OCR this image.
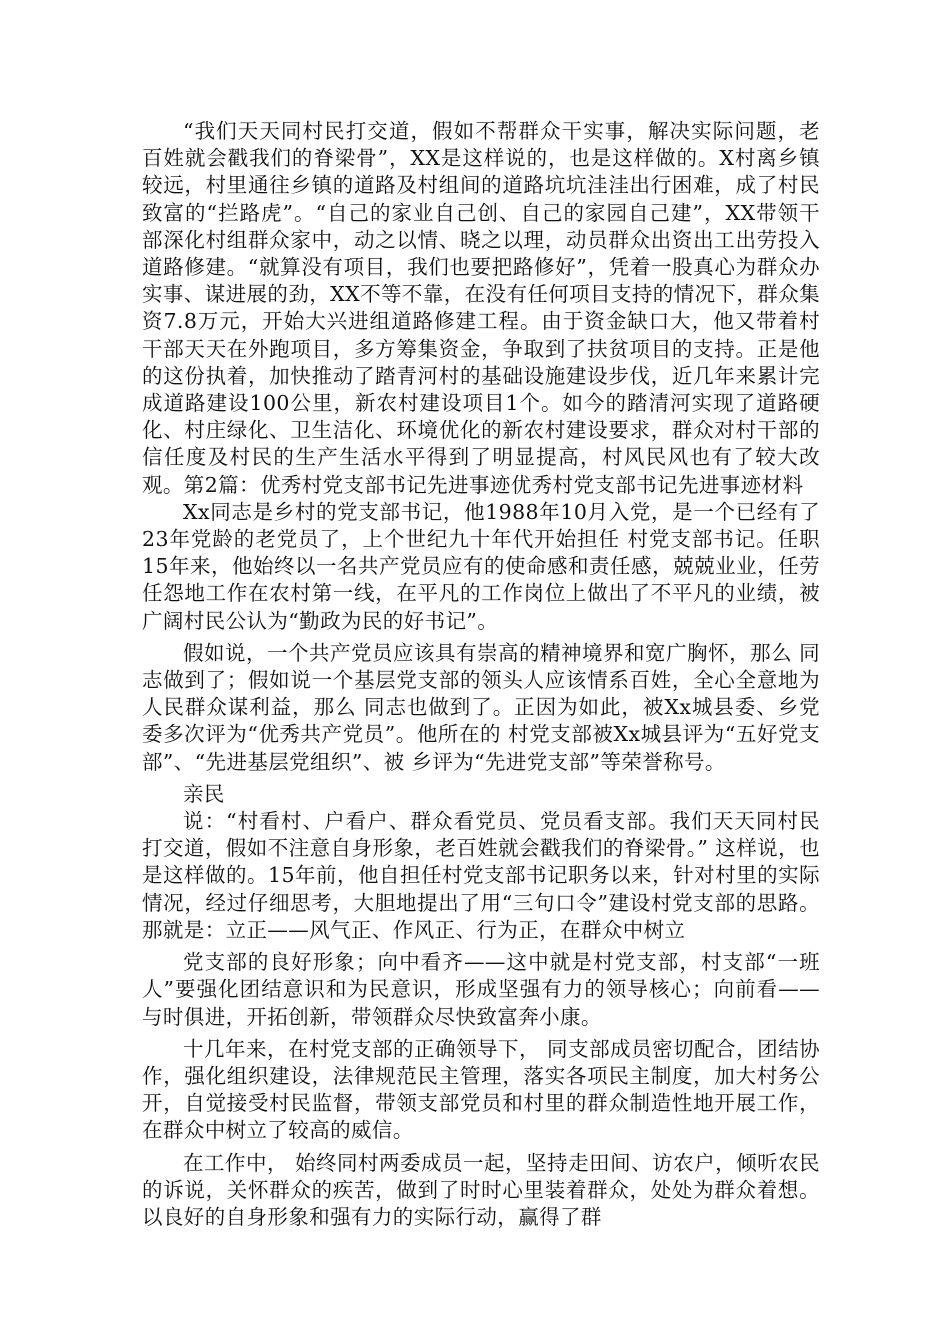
“我们天天同村民打交道，假如不帮群众干实事，解决实际问题，老百姓就会戳我们的脊梁骨”，XX是这样说的，也是这样做的。X村离乡镇较远，村里通往乡镇的道路及村组间的道路坑坑洼洼出行困难，成了村民致富的“拦路虎”。“自己的家业自己创、自己的家园自己建”，XX带领干部深化村组群众家中，动之以情、晓之以理，动员群众出资出工出劳投入道路修建。“就算没有项目，我们也要把路修好”，凭着一股真心为群众办实事、谋进展的劲，XX不等不靠，在没有任何项目支持的情况下，群众集资7.8万元，开始大兴进组道路修建工程。由于资金缺口大，他又带着村干部天天在外跑项目，多方筹集资金，争取到了扶贫项目的支持。正是他的这份执着，加快推动了踏青河村的基础设施建设步伐，近几年来累计完成道路建设100公里，新农村建设项目1个。如今的踏清河实现了道路硬化、村庄绿化、卫生洁化、环境优化的新农村建设要求，群众对村干部的信任度及村民的生产生活水平得到了明显提高，村风民风也有了较大改观。第2篇：优秀村党支部书记先进事迹优秀村党支部书记先进事迹材料

Xx同志是乡村的党支部书记，他1988年10月入党，是一个已经有了23年党龄的老党员了，上个世纪九十年代开始担任 村党支部书记。任职15年来，他始终以一名共产党员应有的使命感和责任感，兢兢业业，任劳任怨地工作在农村第一线，在平凡的工作岗位上做出了不平凡的业绩，被广阔村民公认为“勤政为民的好书记”。

假如说，一个共产党员应该具有崇高的精神境界和宽广胸怀，那么 同志做到了；假如说一个基层党支部的领头人应该情系百姓，全心全意地为人民群众谋利益，那么 同志也做到了。正因为如此，被Xx城县委、乡党委多次评为“优秀共产党员”。他所在的 村党支部被Xx城县评为“五好党支部”、“先进基层党组织”、被 乡评为“先进党支部”等荣誉称号。

亲民

说：“村看村、户看户、群众看党员、党员看支部。我们天天同村民打交道，假如不注意自身形象，老百姓就会戳我们的脊梁骨。” 这样说，也是这样做的。15年前，他自担任村党支部书记职务以来，针对村里的实际情况，经过仔细思考，大胆地提出了用“三句口令”建设村党支部的思路。那就是：立正——风气正、作风正、行为正，在群众中树立

党支部的良好形象；向中看齐——这中就是村党支部，村支部“一班人”要强化团结意识和为民意识，形成坚强有力的领导核心；向前看——与时俱进，开拓创新，带领群众尽快致富奔小康。

十几年来，在村党支部的正确领导下， 同支部成员密切配合，团结协作，强化组织建设，法律规范民主管理，落实各项民主制度，加大村务公开，自觉接受村民监督，带领支部党员和村里的群众制造性地开展工作，在群众中树立了较高的威信。

在工作中， 始终同村两委成员一起，坚持走田间、访农户，倾听农民的诉说，关怀群众的疾苦，做到了时时心里装着群众，处处为群众着想。 以良好的自身形象和强有力的实际行动，赢得了群
